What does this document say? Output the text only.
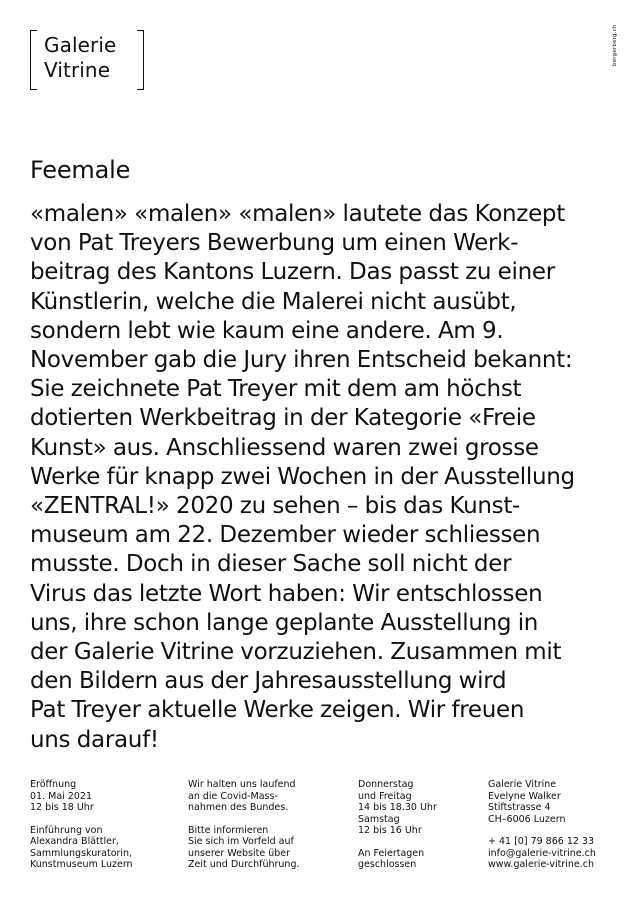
Galerie
Vitrine
bergerberg.ch
Feemale
«malen» «malen» «malen» lautete das Konzept
von Pat Treyers Bewerbung um einen Werk-
beitrag des Kantons Luzern. Das passt zu einer
Künstlerin, welche die Malerei nicht ausübt,
sondern lebt wie kaum eine andere. Am 9.
November gab die Jury ihren Entscheid bekannt:
Sie zeichnete Pat Treyer mit dem am höchst
dotierten Werkbeitrag in der Kategorie «Freie
Kunst» aus. Anschliessend waren zwei grosse
Werke für knapp zwei Wochen in der Ausstellung
«ZENTRAL!» 2020 zu sehen – bis das Kunst-
museum am 22. Dezember wieder schliessen
musste. Doch in dieser Sache soll nicht der
Virus das letzte Wort haben: Wir entschlossen
uns, ihre schon lange geplante Ausstellung in
der Galerie Vitrine vorzuziehen. Zusammen mit
den Bildern aus der Jahresausstellung wird
Pat Treyer aktuelle Werke zeigen. Wir freuen
uns darauf!
Eröffnung
01. Mai 2021
12 bis 18 Uhr
Einführung von
Alexandra Blättler,
Sammlungskuratorin,
Kunstmuseum Luzern
Wir halten uns laufend
an die Covid-Mass-
nahmen des Bundes.
Bitte informieren
Sie sich im Vorfeld auf
unserer Website über
Zeit und Durchführung.
Donnerstag
und Freitag
14 bis 18.30 Uhr
Samstag
12 bis 16 Uhr
An Feiertagen
geschlossen
Galerie Vitrine
Evelyne Walker
Stiftstrasse 4
CH–6006 Luzern
+ 41 [0] 79 866 12 33
info@galerie-vitrine.ch
www.galerie-vitrine.ch
